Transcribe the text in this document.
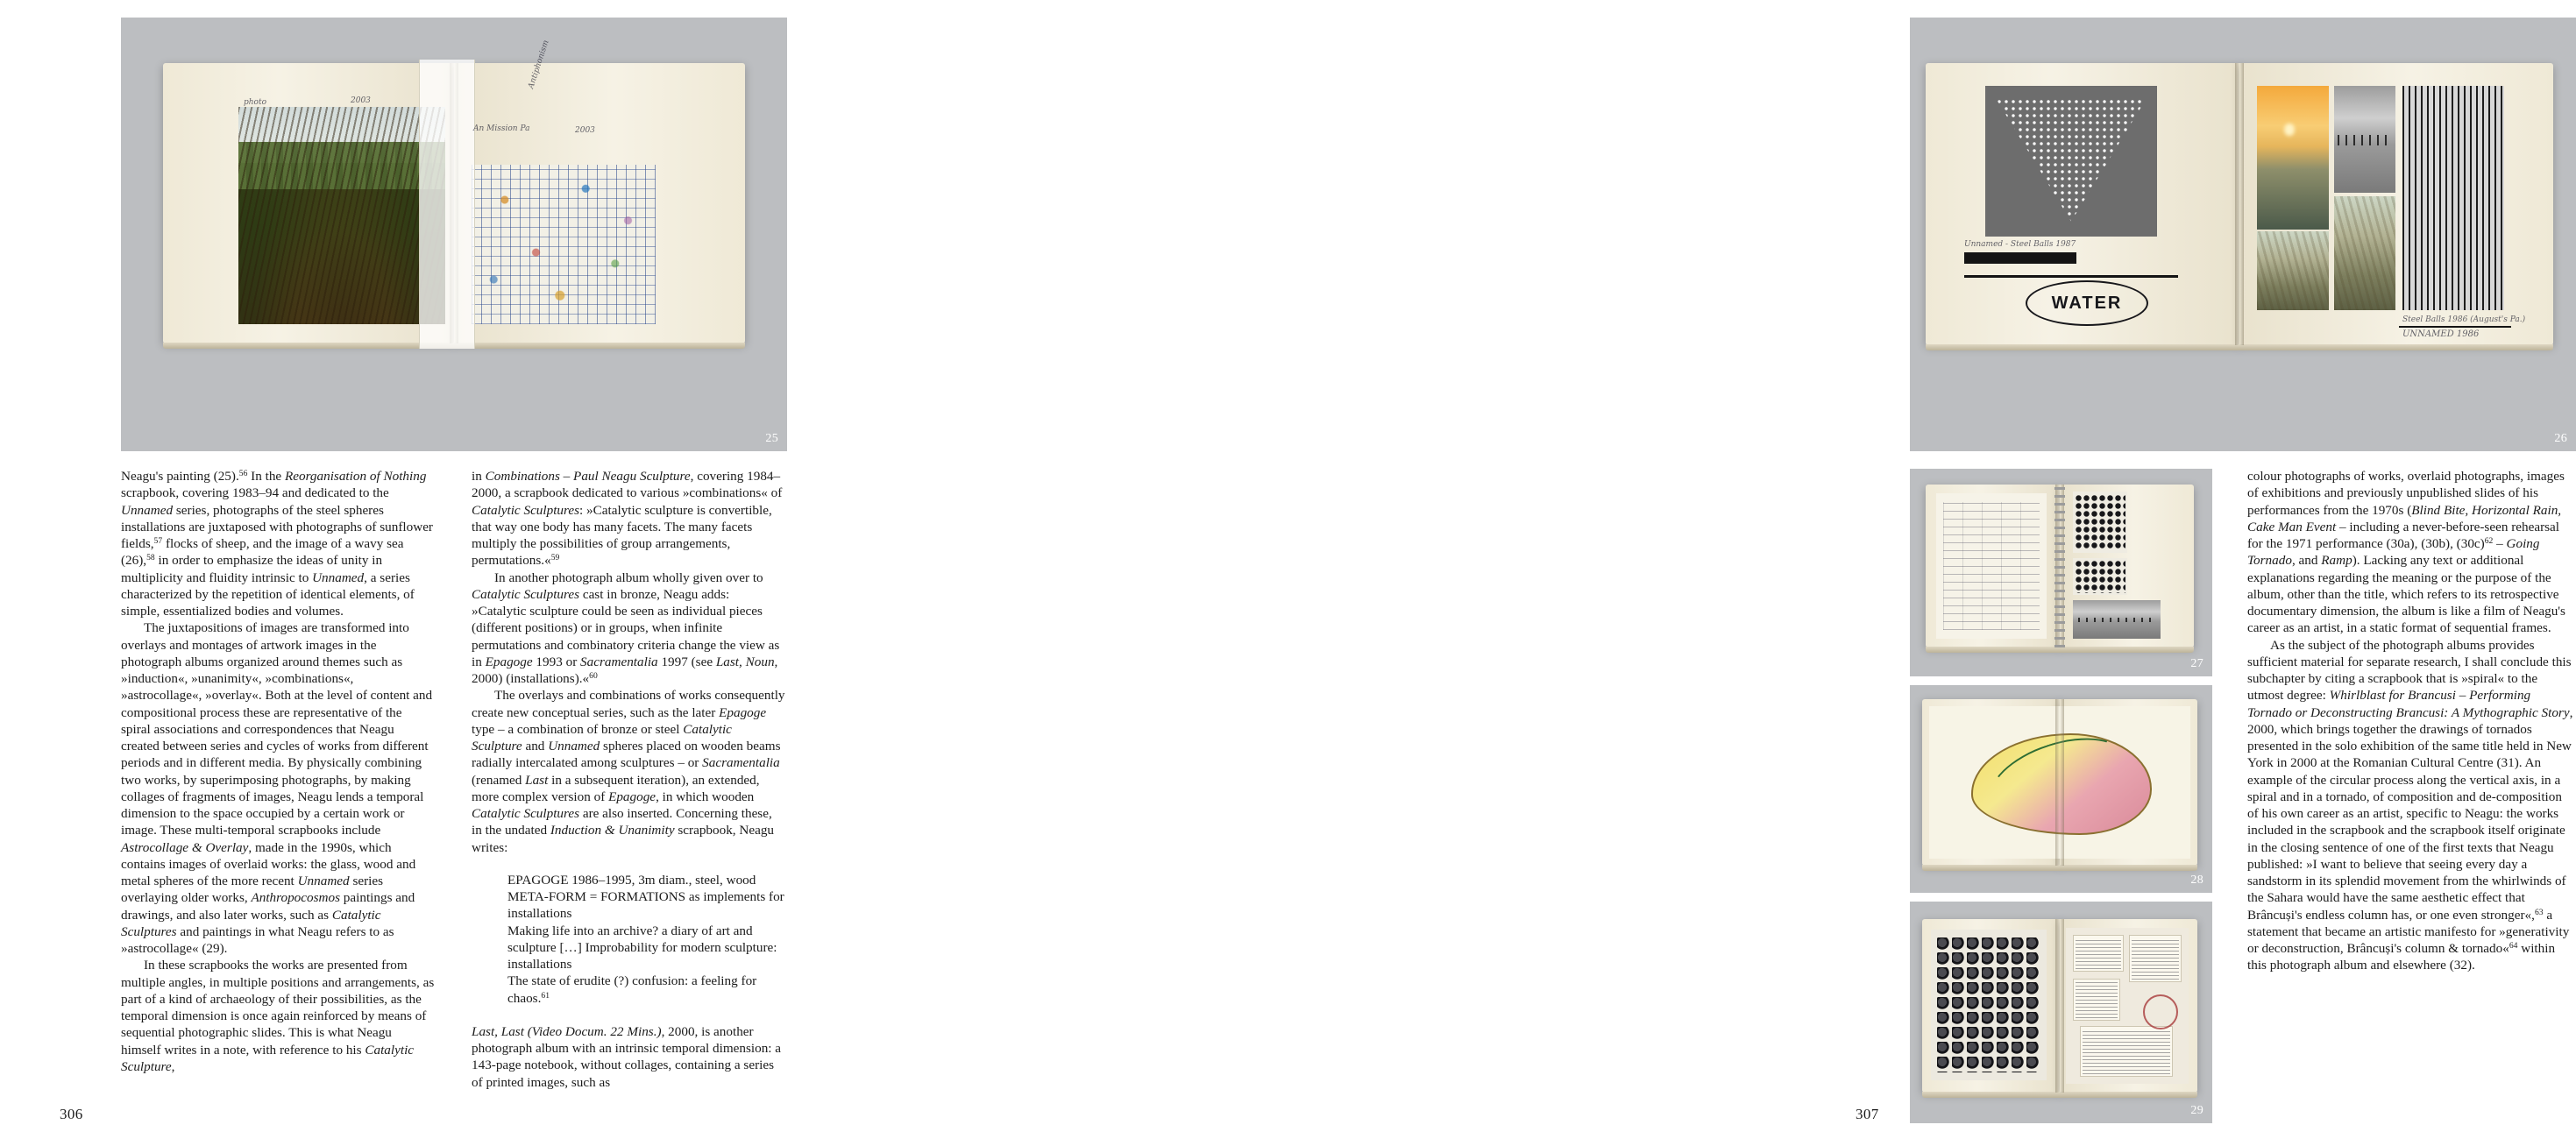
photo	2003
Antiphonism
An Mission Pa	2003
25

Neagu's painting (25).$^{56}$ In the Reorganisation of Nothing scrapbook, covering 1983–94 and dedicated to the Unnamed series, photographs of the steel spheres installations are juxtaposed with photographs of sunflower fields,$^{57}$ flocks of sheep, and the image of a wavy sea (26),$^{58}$ in order to emphasize the ideas of unity in multiplicity and fluidity intrinsic to Unnamed, a series characterized by the repetition of identical elements, of simple, essentialized bodies and volumes.

The juxtapositions of images are transformed into overlays and montages of artwork images in the photograph albums organized around themes such as »induction«, »unanimity«, »combinations«, »astrocollage«, »overlay«. Both at the level of content and compositional process these are representative of the spiral associations and correspondences that Neagu created between series and cycles of works from different periods and in different media. By physically combining two works, by superimposing photographs, by making collages of fragments of images, Neagu lends a temporal dimension to the space occupied by a certain work or image. These multi-temporal scrapbooks include Astrocollage & Overlay, made in the 1990s, which contains images of overlaid works: the glass, wood and metal spheres of the more recent Unnamed series overlaying older works, Anthropocosmos paintings and drawings, and also later works, such as Catalytic Sculptures and paintings in what Neagu refers to as »astrocollage« (29).

In these scrapbooks the works are presented from multiple angles, in multiple positions and arrangements, as part of a kind of archaeology of their possibilities, as the temporal dimension is once again reinforced by means of sequential photographic slides. This is what Neagu himself writes in a note, with reference to his Catalytic Sculpture,

in Combinations – Paul Neagu Sculpture, covering 1984–2000, a scrapbook dedicated to various »combinations« of Catalytic Sculptures: »Catalytic sculpture is convertible, that way one body has many facets. The many facets multiply the possibilities of group arrangements, permutations.«$^{59}$

In another photograph album wholly given over to Catalytic Sculptures cast in bronze, Neagu adds: »Catalytic sculpture could be seen as individual pieces (different positions) or in groups, when infinite permutations and combinatory criteria change the view as in Epagoge 1993 or Sacramentalia 1997 (see Last, Noun, 2000) (installations).«$^{60}$

The overlays and combinations of works consequently create new conceptual series, such as the later Epagoge type – a combination of bronze or steel Catalytic Sculpture and Unnamed spheres placed on wooden beams radially intercalated among sculptures – or Sacramentalia (renamed Last in a subsequent iteration), an extended, more complex version of Epagoge, in which wooden Catalytic Sculptures are also inserted. Concerning these, in the undated Induction & Unanimity scrapbook, Neagu writes:

EPAGOGE 1986–1995, 3m diam., steel, wood

META-FORM = FORMATIONS as implements for installations

Making life into an archive? a diary of art and sculpture […] Improbability for modern sculpture: installations

The state of erudite (?) confusion: a feeling for chaos.$^{61}$

Last, Last (Video Docum. 22 Mins.), 2000, is another photograph album with an intrinsic temporal dimension: a 143-page notebook, without collages, containing a series of printed images, such as

306
WATER
Unnamed - Steel Balls 1987
Steel Balls 1986 (August's Pa.)
UNNAMED 1986
26
27
28
29

colour photographs of works, overlaid photographs, images of exhibitions and previously unpublished slides of his performances from the 1970s (Blind Bite, Horizontal Rain, Cake Man Event – including a never-before-seen rehearsal for the 1971 performance (30a), (30b), $(30c)^{62}$ – Going Tornado, and Ramp). Lacking any text or additional explanations regarding the meaning or the purpose of the album, other than the title, which refers to its retrospective documentary dimension, the album is like a film of Neagu's career as an artist, in a static format of sequential frames.

As the subject of the photograph albums provides sufficient material for separate research, I shall conclude this subchapter by citing a scrapbook that is »spiral« to the utmost degree: Whirlblast for Brancusi – Performing Tornado or Deconstructing Brancusi: A Mythographic Story, 2000, which brings together the drawings of tornados presented in the solo exhibition of the same title held in New York in 2000 at the Romanian Cultural Centre (31). An example of the circular process along the vertical axis, in a spiral and in a tornado, of composition and de-composition of his own career as an artist, specific to Neagu: the works included in the scrapbook and the scrapbook itself originate in the closing sentence of one of the first texts that Neagu published: »I want to believe that seeing every day a sandstorm in its splendid movement from the whirlwinds of the Sahara would have the same aesthetic effect that Brâncuși's endless column has, or one even stronger«,$^{63}$ a statement that became an artistic manifesto for »generativity or deconstruction, Brâncuși's column & tornado«$^{64}$ within this photograph album and elsewhere (32).

307
